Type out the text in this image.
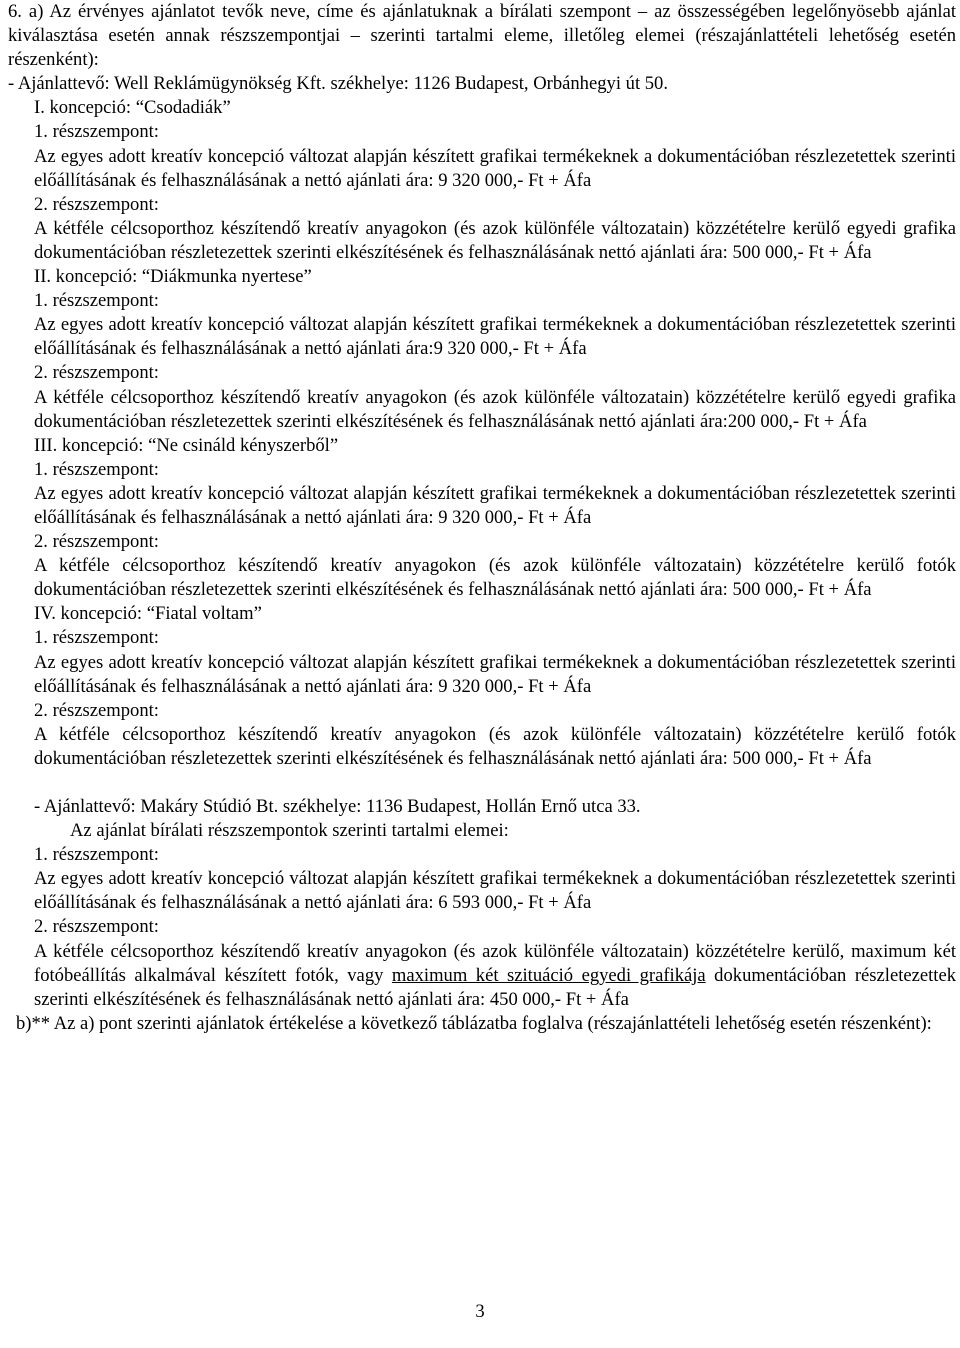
6. a) Az érvényes ajánlatot tevők neve, címe és ajánlatuknak a bírálati szempont – az összességében legelőnyösebb ajánlat kiválasztása esetén annak részszempontjai – szerinti tartalmi eleme, illetőleg elemei (részajánlattételi lehetőség esetén részenként):

- Ajánlattevő: Well Reklámügynökség Kft. székhelye: 1126 Budapest, Orbánhegyi út 50.

I. koncepció: “Csodadiák”

1. részszempont:

Az egyes adott kreatív koncepció változat alapján készített grafikai termékeknek a dokumentációban részlezetettek szerinti előállításának és felhasználásának a nettó ajánlati ára: 9 320 000,- Ft + Áfa

2. részszempont:

A kétféle célcsoporthoz készítendő kreatív anyagokon (és azok különféle változatain) közzétételre kerülő egyedi grafika dokumentációban részletezettek szerinti elkészítésének és felhasználásának nettó ajánlati ára: 500 000,- Ft + Áfa

II. koncepció: “Diákmunka nyertese”

1. részszempont:

Az egyes adott kreatív koncepció változat alapján készített grafikai termékeknek a dokumentációban részlezetettek szerinti előállításának és felhasználásának a nettó ajánlati ára:9 320 000,- Ft + Áfa

2. részszempont:

A kétféle célcsoporthoz készítendő kreatív anyagokon (és azok különféle változatain) közzétételre kerülő egyedi grafika dokumentációban részletezettek szerinti elkészítésének és felhasználásának nettó ajánlati ára:200 000,- Ft + Áfa

III. koncepció: “Ne csináld kényszerből”

1. részszempont:

Az egyes adott kreatív koncepció változat alapján készített grafikai termékeknek a dokumentációban részlezetettek szerinti előállításának és felhasználásának a nettó ajánlati ára: 9 320 000,- Ft + Áfa

2. részszempont:

A kétféle célcsoporthoz készítendő kreatív anyagokon (és azok különféle változatain) közzétételre kerülő fotók dokumentációban részletezettek szerinti elkészítésének és felhasználásának nettó ajánlati ára: 500 000,- Ft + Áfa

IV. koncepció: “Fiatal voltam”

1. részszempont:

Az egyes adott kreatív koncepció változat alapján készített grafikai termékeknek a dokumentációban részlezetettek szerinti előállításának és felhasználásának a nettó ajánlati ára: 9 320 000,- Ft + Áfa

2. részszempont:

A kétféle célcsoporthoz készítendő kreatív anyagokon (és azok különféle változatain) közzétételre kerülő fotók dokumentációban részletezettek szerinti elkészítésének és felhasználásának nettó ajánlati ára: 500 000,- Ft + Áfa

- Ajánlattevő: Makáry Stúdió Bt. székhelye: 1136 Budapest, Hollán Ernő utca 33.

Az ajánlat bírálati részszempontok szerinti tartalmi elemei:

1. részszempont:

Az egyes adott kreatív koncepció változat alapján készített grafikai termékeknek a dokumentációban részlezetettek szerinti előállításának és felhasználásának a nettó ajánlati ára: 6 593 000,- Ft + Áfa

2. részszempont:

A kétféle célcsoporthoz készítendő kreatív anyagokon (és azok különféle változatain) közzétételre kerülő, maximum két fotóbeállítás alkalmával készített fotók, vagy maximum két szituáció egyedi grafikája dokumentációban részletezettek szerinti elkészítésének és felhasználásának nettó ajánlati ára: 450 000,- Ft + Áfa

b)** Az a) pont szerinti ajánlatok értékelése a következő táblázatba foglalva (részajánlattételi lehetőség esetén részenként):

3
